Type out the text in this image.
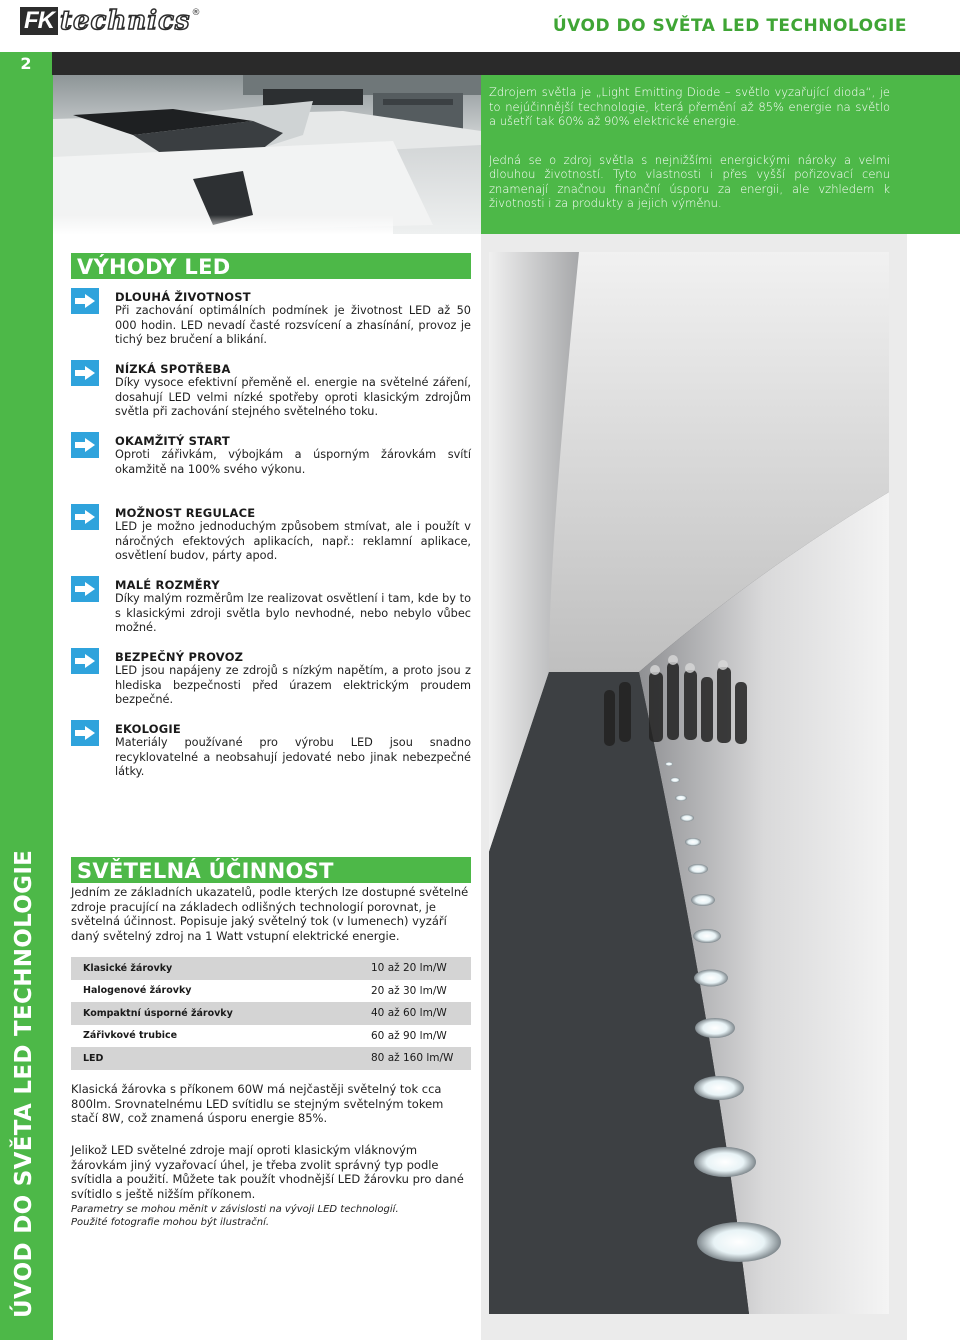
FK technics ®
ÚVOD DO SVĚTA LED TECHNOLOGIE
2
ÚVOD DO SVĚTA LED TECHNOLOGIE

Zdrojem světla je „Light Emitting Diode – světlo vyzařující dioda“, je to nejúčinnější technologie, která přemění až 85% energie na světlo a ušetří tak 60% až 90% elektrické energie.

Jedná se o zdroj světla s nejnižšími energickými nároky a velmi dlouhou životností. Tyto vlastnosti i přes vyšší pořizovací cenu znamenají značnou finanční úsporu za energii, ale vzhledem k životnosti i za produkty a jejich výměnu.

VÝHODY LED
DLOUHÁ ŽIVOTNOST
Při zachování optimálních podmínek je životnost LED až 50 000 hodin. LED nevadí časté rozsvícení a zhasínání, provoz je tichý bez bručení a blikání.
NÍZKÁ SPOTŘEBA
Díky vysoce efektivní přeměně el. energie na světelné záření, dosahují LED velmi nízké spotřeby oproti klasickým zdrojům světla při zachování stejného světelného toku.
OKAMŽITÝ START
Oproti zářivkám, výbojkám a úsporným žárovkám svítí okamžitě na 100% svého výkonu.
MOŽNOST REGULACE
LED je možno jednoduchým způsobem stmívat, ale i použít v náročných efektových aplikacích, např.: reklamní aplikace, osvětlení budov, párty apod.
MALÉ ROZMĚRY
Díky malým rozměrům lze realizovat osvětlení i tam, kde by to s klasickými zdroji světla bylo nevhodné, nebo nebylo vůbec možné.
BEZPEČNÝ PROVOZ
LED jsou napájeny ze zdrojů s nízkým napětím, a proto jsou z hlediska bezpečnosti před úrazem elektrickým proudem bezpečné.
EKOLOGIE
Materiály používané pro výrobu LED jsou snadno recyklovatelné a neobsahují jedovaté nebo jinak nebezpečné látky.
SVĚTELNÁ ÚČINNOST
Jedním ze základních ukazatelů, podle kterých lze dostupné světelné zdroje pracující na základech odlišných technologií porovnat, je světelná účinnost. Popisuje jaký světelný tok (v lumenech) vyzáří daný světelný zdroj na 1 Watt vstupní elektrické energie.
Klasické žárovky	10 až 20 lm/W
Halogenové žárovky	20 až 30 lm/W
Kompaktní úsporné žárovky	40 až 60 lm/W
Zářivkové trubice	60 až 90 lm/W
LED	80 až 160 lm/W
Klasická žárovka s příkonem 60W má nejčastěji světelný tok cca 800lm. Srovnatelnému LED svítidlu se stejným světelným tokem stačí 8W, což znamená úsporu energie 85%.
Jelikož LED světelné zdroje mají oproti klasickým vláknovým žárovkám jiný vyzařovací úhel, je třeba zvolit správný typ podle svítidla a použití. Můžete tak použít vhodnější LED žárovku pro dané svítidlo s ještě nižším příkonem.
Parametry se mohou měnit v závislosti na vývoji LED technologií.
Použité fotografie mohou být ilustrační.
